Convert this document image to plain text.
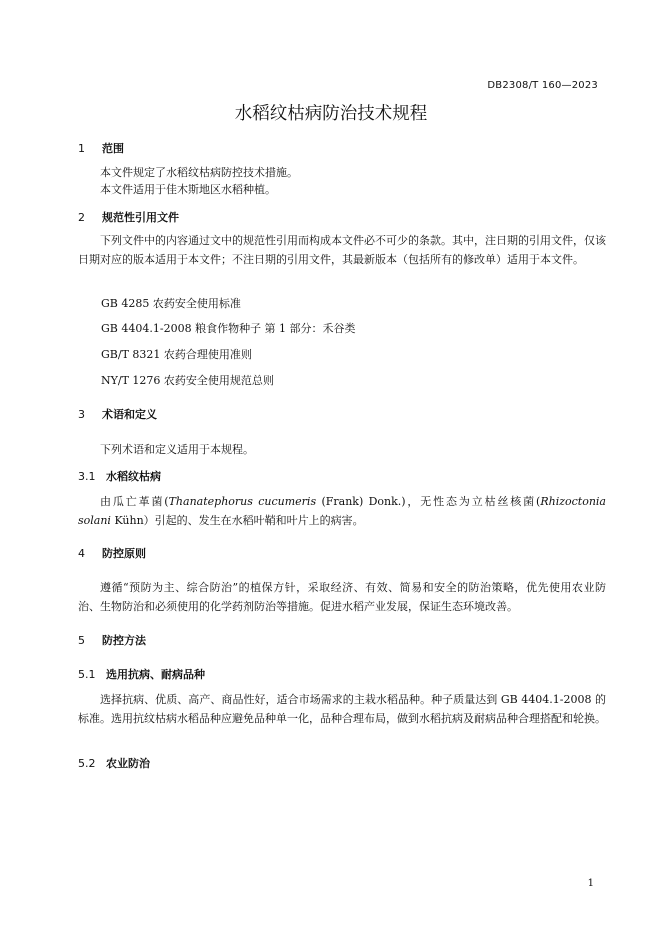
DB2308/T 160—2023
水稻纹枯病防治技术规程
1 范围
本文件规定了水稻纹枯病防控技术措施。
本文件适用于佳木斯地区水稻种植。
2 规范性引用文件
下列文件中的内容通过文中的规范性引用而构成本文件必不可少的条款。其中，注日期的引用文件，仅该日期对应的版本适用于本文件；不注日期的引用文件，其最新版本（包括所有的修改单）适用于本文件。
GB 4285 农药安全使用标准
GB 4404.1-2008 粮食作物种子 第 1 部分：禾谷类
GB/T 8321 农药合理使用准则
NY/T 1276 农药安全使用规范总则
3 术语和定义
下列术语和定义适用于本规程。
3.1 水稻纹枯病
由瓜亡革菌(Thanatephorus cucumeris (Frank) Donk.)，无性态为立枯丝核菌(Rhizoctonia solani Kühn）引起的、发生在水稻叶鞘和叶片上的病害。
4 防控原则
遵循“预防为主、综合防治”的植保方针，采取经济、有效、简易和安全的防治策略，优先使用农业防治、生物防治和必须使用的化学药剂防治等措施。促进水稻产业发展，保证生态环境改善。
5 防控方法
5.1 选用抗病、耐病品种
选择抗病、优质、高产、商品性好，适合市场需求的主栽水稻品种。种子质量达到 GB 4404.1-2008 的标准。选用抗纹枯病水稻品种应避免品种单一化，品种合理布局，做到水稻抗病及耐病品种合理搭配和轮换。
5.2 农业防治
1
